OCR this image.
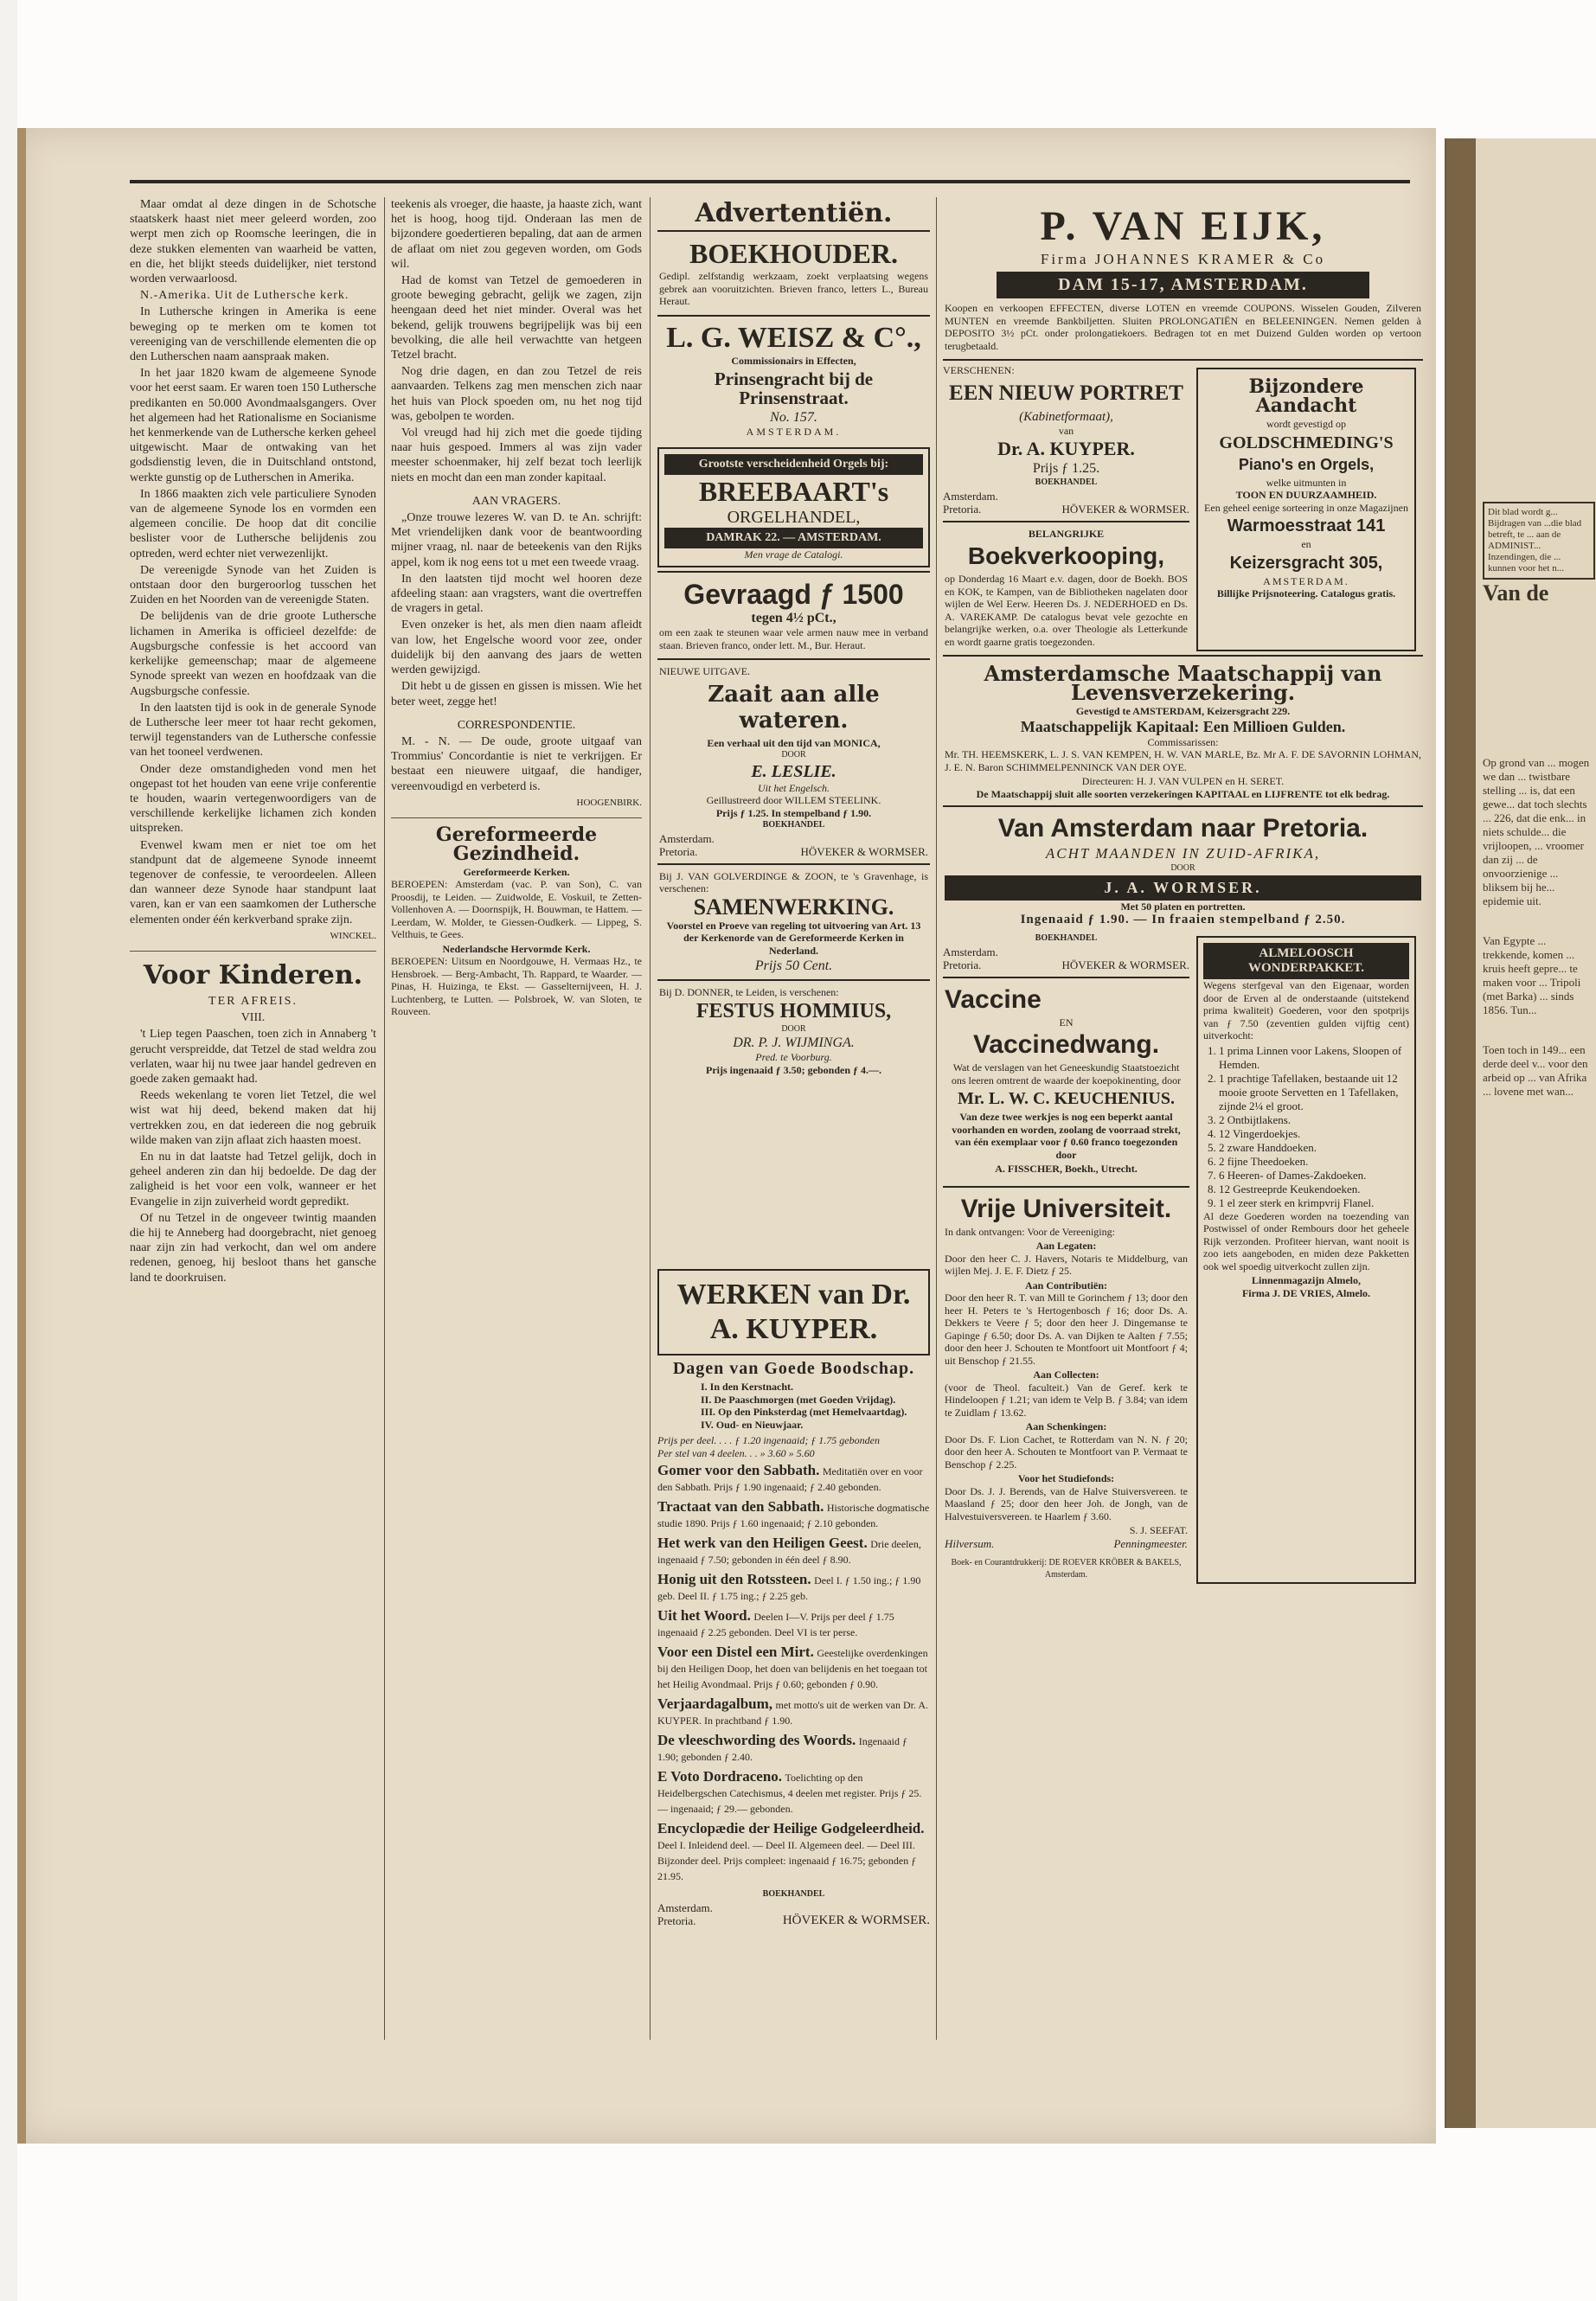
Maar omdat al deze dingen in de Schotsche staatskerk haast niet meer geleerd worden, zoo werpt men zich op Roomsche leeringen, die in deze stukken elementen van waarheid be vatten, en die, het blijkt steeds duidelijker, niet terstond worden verwaarloosd.

N.-Amerika. Uit de Luthersche kerk.

In Luthersche kringen in Amerika is eene beweging op te merken om te komen tot vereeniging van de verschillende elementen die op den Lutherschen naam aanspraak maken.

In het jaar 1820 kwam de algemeene Synode voor het eerst saam. Er waren toen 150 Luthersche predikanten en 50.000 Avondmaalsgangers. Over het algemeen had het Rationalisme en Socianisme het kenmerkende van de Luthersche kerken geheel uitgewischt. Maar de ontwaking van het godsdienstig leven, die in Duitschland ontstond, werkte gunstig op de Lutherschen in Amerika.

In 1866 maakten zich vele particuliere Synoden van de algemeene Synode los en vormden een algemeen concilie. De hoop dat dit concilie beslister voor de Luthersche belijdenis zou optreden, werd echter niet verwezenlijkt.

De vereenigde Synode van het Zuiden is ontstaan door den burgeroorlog tusschen het Zuiden en het Noorden van de vereenigde Staten.

De belijdenis van de drie groote Luthersche lichamen in Amerika is officieel dezelfde: de Augsburgsche confessie is het accoord van kerkelijke gemeenschap; maar de algemeene Synode spreekt van wezen en hoofdzaak van die Augsburgsche confessie.

In den laatsten tijd is ook in de generale Synode de Luthersche leer meer tot haar recht gekomen, terwijl tegenstanders van de Luthersche confessie van het tooneel verdwenen.

Onder deze omstandigheden vond men het ongepast tot het houden van eene vrije conferentie te houden, waarin vertegenwoordigers van de verschillende kerkelijke lichamen zich konden uitspreken.

Evenwel kwam men er niet toe om het standpunt dat de algemeene Synode inneemt tegenover de confessie, te veroordeelen. Alleen dan wanneer deze Synode haar standpunt laat varen, kan er van een saamkomen der Luthersche elementen onder één kerkverband sprake zijn.

WINCKEL.

Voor Kinderen.
TER AFREIS.
VIII.

't Liep tegen Paaschen, toen zich in Annaberg 't gerucht verspreidde, dat Tetzel de stad weldra zou verlaten, waar hij nu twee jaar handel gedreven en goede zaken gemaakt had.

Reeds wekenlang te voren liet Tetzel, die wel wist wat hij deed, bekend maken dat hij vertrekken zou, en dat iedereen die nog gebruik wilde maken van zijn aflaat zich haasten moest.

En nu in dat laatste had Tetzel gelijk, doch in geheel anderen zin dan hij bedoelde. De dag der zaligheid is het voor een volk, wanneer er het Evangelie in zijn zuiverheid wordt gepredikt.

Of nu Tetzel in de ongeveer twintig maanden die hij te Anneberg had doorgebracht, niet genoeg naar zijn zin had verkocht, dan wel om andere redenen, genoeg, hij besloot thans het gansche land te doorkruisen.

teekenis als vroeger, die haaste, ja haaste zich, want het is hoog, hoog tijd. Onderaan las men de bijzondere goedertieren bepaling, dat aan de armen de aflaat om niet zou gegeven worden, om Gods wil.

Had de komst van Tetzel de gemoederen in groote beweging gebracht, gelijk we zagen, zijn heengaan deed het niet minder. Overal was het bekend, gelijk trouwens begrijpelijk was bij een bevolking, die alle heil verwachtte van hetgeen Tetzel bracht.

Nog drie dagen, en dan zou Tetzel de reis aanvaarden. Telkens zag men menschen zich naar het huis van Plock spoeden om, nu het nog tijd was, gebolpen te worden.

Vol vreugd had hij zich met die goede tijding naar huis gespoed. Immers al was zijn vader meester schoenmaker, hij zelf bezat toch leerlijk niets en mocht dan een man zonder kapitaal.

AAN VRAGERS.

„Onze trouwe lezeres W. van D. te An. schrijft: Met vriendelijken dank voor de beantwoording mijner vraag, nl. naar de beteekenis van den Rijks appel, kom ik nog eens tot u met een tweede vraag.

In den laatsten tijd mocht wel hooren deze afdeeling staan: aan vragsters, want die overtreffen de vragers in getal.

Even onzeker is het, als men dien naam afleidt van low, het Engelsche woord voor zee, onder duidelijk bij den aanvang des jaars de wetten werden gewijzigd.

Dit hebt u de gissen en gissen is missen. Wie het beter weet, zegge het!

CORRESPONDENTIE.

M. - N. — De oude, groote uitgaaf van Trommius' Concordantie is niet te verkrijgen. Er bestaat een nieuwere uitgaaf, die handiger, vereenvoudigd en verbeterd is.

HOOGENBIRK.

Gereformeerde Gezindheid.
Gereformeerde Kerken.

BEROEPEN: Amsterdam (vac. P. van Son), C. van Proosdij, te Leiden. — Zuidwolde, E. Voskuil, te Zetten-Vollenhoven A. — Doornspijk, H. Bouwman, te Hattem. — Leerdam, W. Molder, te Giessen-Oudkerk. — Lippeg, S. Velthuis, te Gees.

Nederlandsche Hervormde Kerk.

BEROEPEN: Uitsum en Noordgouwe, H. Vermaas Hz., te Hensbroek. — Berg-Ambacht, Th. Rappard, te Waarder. — Pinas, H. Huizinga, te Ekst. — Gasselternijveen, H. J. Luchtenberg, te Lutten. — Polsbroek, W. van Sloten, te Rouveen.

Advertentiën.
BOEKHOUDER.

Gedipl. zelfstandig werkzaam, zoekt verplaatsing wegens gebrek aan vooruitzichten. Brieven franco, letters L., Bureau Heraut.

L. G. WEISZ & C°.,
Commissionairs in Effecten,
Prinsengracht bij de Prinsenstraat.
No. 157.
AMSTERDAM.
Grootste verscheidenheid Orgels bij:
BREEBAART's
ORGELHANDEL,
DAMRAK 22. — AMSTERDAM.
Men vrage de Catalogi.
Gevraagd ƒ 1500
tegen 4½ pCt.,

om een zaak te steunen waar vele armen nauw mee in verband staan. Brieven franco, onder lett. M., Bur. Heraut.

NIEUWE UITGAVE.
Zaait aan alle wateren.
Een verhaal uit den tijd van MONICA,
DOOR
E. LESLIE.
Uit het Engelsch.
Geillustreerd door WILLEM STEELINK.
Prijs ƒ 1.25. In stempelband ƒ 1.90.
BOEKHANDEL
Amsterdam.
Pretoria.	HÖVEKER & WORMSER.

Bij J. VAN GOLVERDINGE & ZOON, te 's Gravenhage, is verschenen:

SAMENWERKING.

Voorstel en Proeve van regeling tot uitvoering van Art. 13 der Kerkenorde van de Gereformeerde Kerken in Nederland.

Prijs 50 Cent.

Bij D. DONNER, te Leiden, is verschenen:

FESTUS HOMMIUS,
DOOR
DR. P. J. WIJMINGA.
Pred. te Voorburg.
Prijs ingenaaid ƒ 3.50; gebonden ƒ 4.—.
WERKEN van Dr. A. KUYPER.
Dagen van Goede Boodschap.
I. In den Kerstnacht.
II. De Paaschmorgen (met Goeden Vrijdag).
III. Op den Pinksterdag (met Hemelvaartdag).
IV. Oud- en Nieuwjaar.
Prijs per deel. . . . ƒ 1.20 ingenaaid; ƒ 1.75 gebonden
Per stel van 4 deelen. . . » 3.60 » 5.60
Gomer voor den Sabbath. Meditatiën over en voor den Sabbath. Prijs ƒ 1.90 ingenaaid; ƒ 2.40 gebonden.
Tractaat van den Sabbath. Historische dogmatische studie 1890. Prijs ƒ 1.60 ingenaaid; ƒ 2.10 gebonden.
Het werk van den Heiligen Geest. Drie deelen, ingenaaid ƒ 7.50; gebonden in één deel ƒ 8.90.
Honig uit den Rotssteen. Deel I. ƒ 1.50 ing.; ƒ 1.90 geb. Deel II. ƒ 1.75 ing.; ƒ 2.25 geb.
Uit het Woord. Deelen I—V. Prijs per deel ƒ 1.75 ingenaaid ƒ 2.25 gebonden. Deel VI is ter perse.
Voor een Distel een Mirt. Geestelijke overdenkingen bij den Heiligen Doop, het doen van belijdenis en het toegaan tot het Heilig Avondmaal. Prijs ƒ 0.60; gebonden ƒ 0.90.
Verjaardagalbum, met motto's uit de werken van Dr. A. KUYPER. In prachtband ƒ 1.90.
De vleeschwording des Woords. Ingenaaid ƒ 1.90; gebonden ƒ 2.40.
E Voto Dordraceno. Toelichting op den Heidelbergschen Catechismus, 4 deelen met register. Prijs ƒ 25.— ingenaaid; ƒ 29.— gebonden.
Encyclopædie der Heilige Godgeleerdheid. Deel I. Inleidend deel. — Deel II. Algemeen deel. — Deel III. Bijzonder deel. Prijs compleet: ingenaaid ƒ 16.75; gebonden ƒ 21.95.
BOEKHANDEL
Amsterdam.
Pretoria.	HÖVEKER & WORMSER.
P. VAN EIJK,
Firma JOHANNES KRAMER & Co
DAM 15-17, AMSTERDAM.

Koopen en verkoopen EFFECTEN, diverse LOTEN en vreemde COUPONS. Wisselen Gouden, Zilveren MUNTEN en vreemde Bankbiljetten. Sluiten PROLONGATIËN en BELEENINGEN. Nemen gelden à DEPOSITO 3½ pCt. onder prolongatiekoers. Bedragen tot en met Duizend Gulden worden op vertoon terugbetaald.

VERSCHENEN:
EEN NIEUW PORTRET
(Kabinetformaat),
van
Dr. A. KUYPER.
Prijs ƒ 1.25.
BOEKHANDEL
Amsterdam.
Pretoria.	HÖVEKER & WORMSER.
BELANGRIJKE
Boekverkooping,

op Donderdag 16 Maart e.v. dagen, door de Boekh. BOS en KOK, te Kampen, van de Bibliotheken nagelaten door wijlen de Wel Eerw. Heeren Ds. J. NEDERHOED en Ds. A. VAREKAMP. De catalogus bevat vele gezochte en belangrijke werken, o.a. over Theologie als Letterkunde en wordt gaarne gratis toegezonden.

Bijzondere Aandacht
wordt gevestigd op
GOLDSCHMEDING'S
Piano's en Orgels,
welke uitmunten in
TOON EN DUURZAAMHEID.

Een geheel eenige sorteering in onze Magazijnen

Warmoesstraat 141
en
Keizersgracht 305,
AMSTERDAM.
Billijke Prijsnoteering. Catalogus gratis.
Amsterdamsche Maatschappij van Levensverzekering.
Gevestigd te AMSTERDAM, Keizersgracht 229.
Maatschappelijk Kapitaal: Een Millioen Gulden.
Commissarissen:

Mr. TH. HEEMSKERK, L. J. S. VAN KEMPEN, H. W. VAN MARLE, Bz. Mr A. F. DE SAVORNIN LOHMAN, J. E. N. Baron SCHIMMELPENNINCK VAN DER OYE.

Directeuren: H. J. VAN VULPEN en H. SERET.
De Maatschappij sluit alle soorten verzekeringen KAPITAAL en LIJFRENTE tot elk bedrag.
Van Amsterdam naar Pretoria.
ACHT MAANDEN IN ZUID-AFRIKA,
DOOR
J. A. WORMSER.
Met 50 platen en portretten.
Ingenaaid ƒ 1.90. — In fraaien stempelband ƒ 2.50.
BOEKHANDEL
Amsterdam.
Pretoria.	HÖVEKER & WORMSER.
Vaccine
EN
Vaccinedwang.

Wat de verslagen van het Geneeskundig Staatstoezicht ons leeren omtrent de waarde der koepokinenting, door

Mr. L. W. C. KEUCHENIUS.

Van deze twee werkjes is nog een beperkt aantal voorhanden en worden, zoolang de voorraad strekt, van één exemplaar voor ƒ 0.60 franco toegezonden door

A. FISSCHER, Boekh., Utrecht.
Vrije Universiteit.

In dank ontvangen: Voor de Vereeniging:

Aan Legaten:

Door den heer C. J. Havers, Notaris te Middelburg, van wijlen Mej. J. E. F. Dietz ƒ 25.

Aan Contributiën:

Door den heer R. T. van Mill te Gorinchem ƒ 13; door den heer H. Peters te 's Hertogenbosch ƒ 16; door Ds. A. Dekkers te Veere ƒ 5; door den heer J. Dingemanse te Gapinge ƒ 6.50; door Ds. A. van Dijken te Aalten ƒ 7.55; door den heer J. Schouten te Montfoort uit Montfoort ƒ 4; uit Benschop ƒ 21.55.

Aan Collecten:

(voor de Theol. faculteit.) Van de Geref. kerk te Hindeloopen ƒ 1.21; van idem te Velp B. ƒ 3.84; van idem te Zuidlam ƒ 13.62.

Aan Schenkingen:

Door Ds. F. Lion Cachet, te Rotterdam van N. N. ƒ 20; door den heer A. Schouten te Montfoort van P. Vermaat te Benschop ƒ 2.25.

Voor het Studiefonds:

Door Ds. J. J. Berends, van de Halve Stuiversvereen. te Maasland ƒ 25; door den heer Joh. de Jongh, van de Halvestuiversvereen. te Haarlem ƒ 3.60.

S. J. SEEFAT.
Hilversum.	Penningmeester.
Boek- en Courantdrukkerij: DE ROEVER KRÖBER & BAKELS, Amsterdam.
ALMELOOSCH WONDERPAKKET.

Wegens sterfgeval van den Eigenaar, worden door de Erven al de onderstaande (uitstekend prima kwaliteit) Goederen, voor den spotprijs van ƒ 7.50 (zeventien gulden vijftig cent) uitverkocht:

1. 1 prima Linnen voor Lakens, Sloopen of Hemden.
2. 1 prachtige Tafellaken, bestaande uit 12 mooie groote Servetten en 1 Tafellaken, zijnde 2¼ el groot.
3. 2 Ontbijtlakens.
4. 12 Vingerdoekjes.
5. 2 zware Handdoeken.
6. 2 fijne Theedoeken.
7. 6 Heeren- of Dames-Zakdoeken.
8. 12 Gestreeprde Keukendoeken.
9. 1 el zeer sterk en krimpvrij Flanel.

Al deze Goederen worden na toezending van Postwissel of onder Rembours door het geheele Rijk verzonden. Profiteer hiervan, want nooit is zoo iets aangeboden, en miden deze Pakketten ook wel spoedig uitverkocht zullen zijn.

Linnenmagazijn Almelo,
Firma J. DE VRIES, Almelo.
Dit blad wordt g... Bijdragen van ...die blad betreft, te ... aan de ADMINIST... Inzendingen, die ... kunnen voor het n...
Van de

Op grond van ... mogen we dan ... twistbare stelling ... is, dat een gewe... dat toch slechts ... 226, dat die enk... in niets schulde... die vrijloopen, ... vroomer dan zij ... de onvoorzienige ... bliksem bij he... epidemie uit.

Van Egypte ... trekkende, komen ... kruis heeft gepre... te maken voor ... Tripoli (met Barka) ... sinds 1856. Tun...

Toen toch in 149... een derde deel v... voor den arbeid op ... van Afrika ... lovene met wan...
